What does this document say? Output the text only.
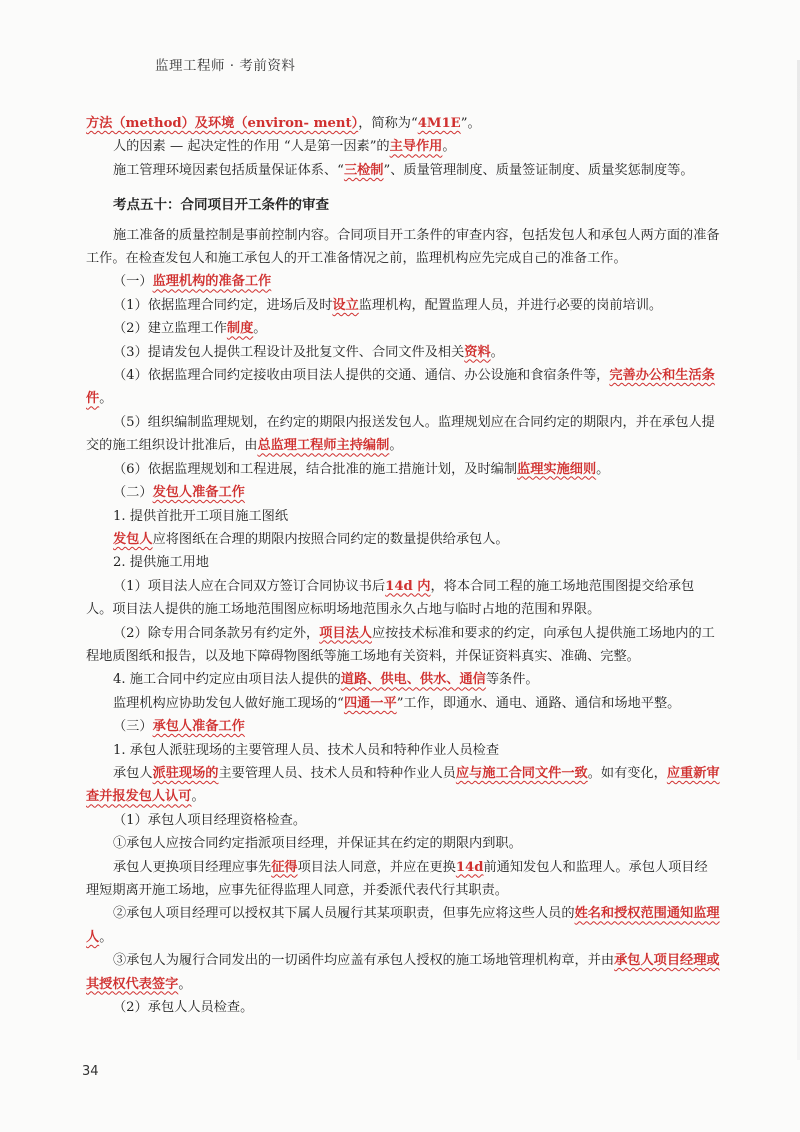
监理工程师 · 考前资料

方法（method）及环境（environ- ment），简称为“4M1E”。

人的因素 — 起决定性的作用 “人是第一因素”的主导作用。

施工管理环境因素包括质量保证体系、“三检制”、质量管理制度、质量签证制度、质量奖惩制度等。

考点五十：合同项目开工条件的审查

施工准备的质量控制是事前控制内容。合同项目开工条件的审查内容，包括发包人和承包人两方面的准备工作。在检查发包人和施工承包人的开工准备情况之前，监理机构应先完成自己的准备工作。

（一）监理机构的准备工作

（1）依据监理合同约定，进场后及时设立监理机构，配置监理人员，并进行必要的岗前培训。

（2）建立监理工作制度。

（3）提请发包人提供工程设计及批复文件、合同文件及相关资料。

（4）依据监理合同约定接收由项目法人提供的交通、通信、办公设施和食宿条件等，完善办公和生活条件。

（5）组织编制监理规划，在约定的期限内报送发包人。监理规划应在合同约定的期限内，并在承包人提交的施工组织设计批准后，由总监理工程师主持编制。

（6）依据监理规划和工程进展，结合批准的施工措施计划，及时编制监理实施细则。

（二）发包人准备工作

1. 提供首批开工项目施工图纸

发包人应将图纸在合理的期限内按照合同约定的数量提供给承包人。

2. 提供施工用地

（1）项目法人应在合同双方签订合同协议书后14d 内，将本合同工程的施工场地范围图提交给承包人。项目法人提供的施工场地范围图应标明场地范围永久占地与临时占地的范围和界限。

（2）除专用合同条款另有约定外，项目法人应按技术标准和要求的约定，向承包人提供施工场地内的工程地质图纸和报告，以及地下障碍物图纸等施工场地有关资料，并保证资料真实、准确、完整。

4. 施工合同中约定应由项目法人提供的道路、供电、供水、通信等条件。

监理机构应协助发包人做好施工现场的“四通一平”工作，即通水、通电、通路、通信和场地平整。

（三）承包人准备工作

1. 承包人派驻现场的主要管理人员、技术人员和特种作业人员检查

承包人派驻现场的主要管理人员、技术人员和特种作业人员应与施工合同文件一致。如有变化，应重新审查并报发包人认可。

（1）承包人项目经理资格检查。

①承包人应按合同约定指派项目经理，并保证其在约定的期限内到职。

承包人更换项目经理应事先征得项目法人同意，并应在更换14d前通知发包人和监理人。承包人项目经理短期离开施工场地，应事先征得监理人同意，并委派代表代行其职责。

②承包人项目经理可以授权其下属人员履行其某项职责，但事先应将这些人员的姓名和授权范围通知监理人。

③承包人为履行合同发出的一切函件均应盖有承包人授权的施工场地管理机构章，并由承包人项目经理或其授权代表签字。

（2）承包人人员检查。

34
